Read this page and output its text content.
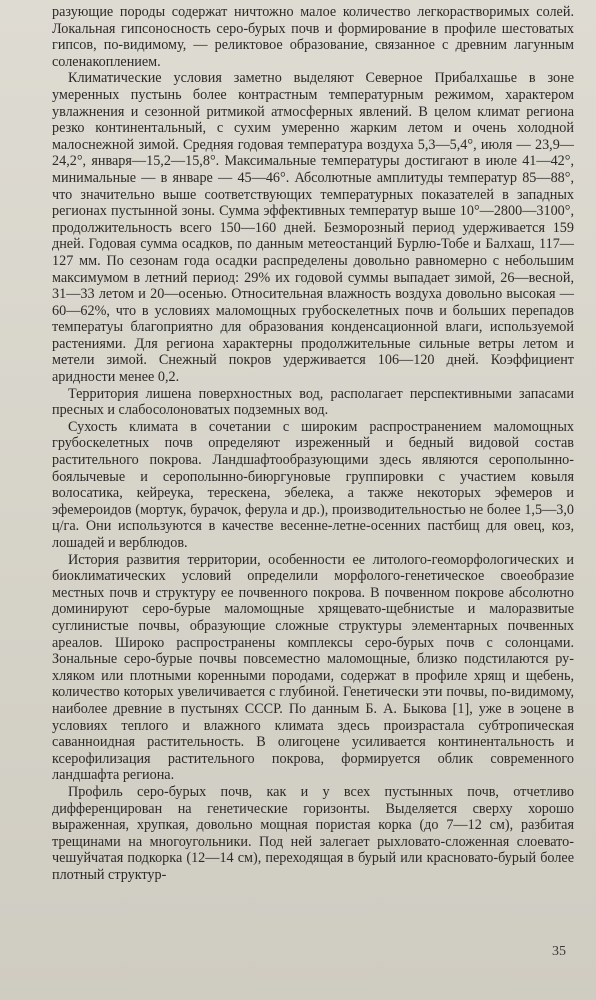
разующие породы содержат ничтожно малое количество легкорастворимых солей. Локальная гипсоносность серо-бурых почв и формирование в профиле шестоватых гипсов, по-видимому, — реликтовое образование, связанное с древним лагунным соленакоплением.

Климатические условия заметно выделяют Северное Прибалхашье в зоне умеренных пустынь более контрастным температурным режимом, характером увлажнения и сезонной ритмикой атмосферных явлений. В целом климат региона резко континентальный, с сухим умеренно жарким летом и очень холодной малоснежной зимой. Средняя годовая температура воздуха 5,3—5,4°, июля — 23,9—24,2°, января—15,2—15,8°. Максимальные температуры достигают в июле 41—42°, минимальные — в январе — 45—46°. Абсолютные амплитуды температур 85—88°, что значительно выше соответствующих температурных показателей в западных регионах пустынной зоны. Сумма эффективных температур выше 10°—2800—3100°, продолжительность всего 150—160 дней. Безморозный период удерживается 159 дней. Годовая сумма осадков, по данным метеостанций Бурлю-Тобе и Балхаш, 117—127 мм. По сезонам года осадки распределены довольно равномерно с небольшим максимумом в летний период: 29% их годовой суммы выпадает зимой, 26—весной, 31—33 летом и 20—осенью. Относительная влажность воздуха довольно высокая — 60—62%, что в условиях маломощных грубоскелетных почв и больших перепадов температуы благоприятно для образования конденсационной влаги, используемой растениями. Для региона характерны продолжительные сильные ветры летом и метели зимой. Снежный покров удерживается 106—120 дней. Коэффициент аридности менее 0,2.

Территория лишена поверхностных вод, располагает перспективными запасами пресных и слабосолоноватых подземных вод.

Сухость климата в сочетании с широким распространением маломощных грубоскелетных почв определяют изреженный и бедный видовой состав растительного покрова. Ландшафтообразующими здесь являются серополынно-боялычевые и серополынно-биюргуновые группировки с участием ковыля волосатика, кейреука, терескена, эбелека, а также некоторых эфемеров и эфемероидов (мортук, бурачок, ферула и др.), производительностью не более 1,5—3,0 ц/га. Они используются в качестве весенне-летне-осенних пастбищ для овец, коз, лошадей и верблюдов.

История развития территории, особенности ее литолого-геоморфологических и биоклиматических условий определили морфолого-генетическое своеобразие местных почв и структуру ее почвенного покрова. В почвенном покрове абсолютно доминируют серо-бурые маломощные хрящевато-щебнистые и малоразвитые суглинистые почвы, образующие сложные структуры элементарных почвенных ареалов. Широко распространены комплексы серо-бурых почв с солонцами. Зональные серо-бурые почвы повсеместно маломощные, близко подстилаются рухляком или плотными коренными породами, содержат в профиле хрящ и щебень, количество которых увеличивается с глубиной. Генетически эти почвы, по-видимому, наиболее древние в пустынях СССР. По данным Б. А. Быкова [1], уже в эоцене в условиях теплого и влажного климата здесь произрастала субтропическая саванноидная растительность. В олигоцене усиливается континентальность и ксерофилизация растительного покрова, формируется облик современного ландшафта региона.

Профиль серо-бурых почв, как и у всех пустынных почв, отчетливо дифференцирован на генетические горизонты. Выделяется сверху хорошо выраженная, хрупкая, довольно мощная пористая корка (до 7—12 см), разбитая трещинами на многоугольники. Под ней залегает рыхловато-сложенная слоевато-чешуйчатая подкорка (12—14 см), переходящая в бурый или красновато-бурый более плотный структур-

35
